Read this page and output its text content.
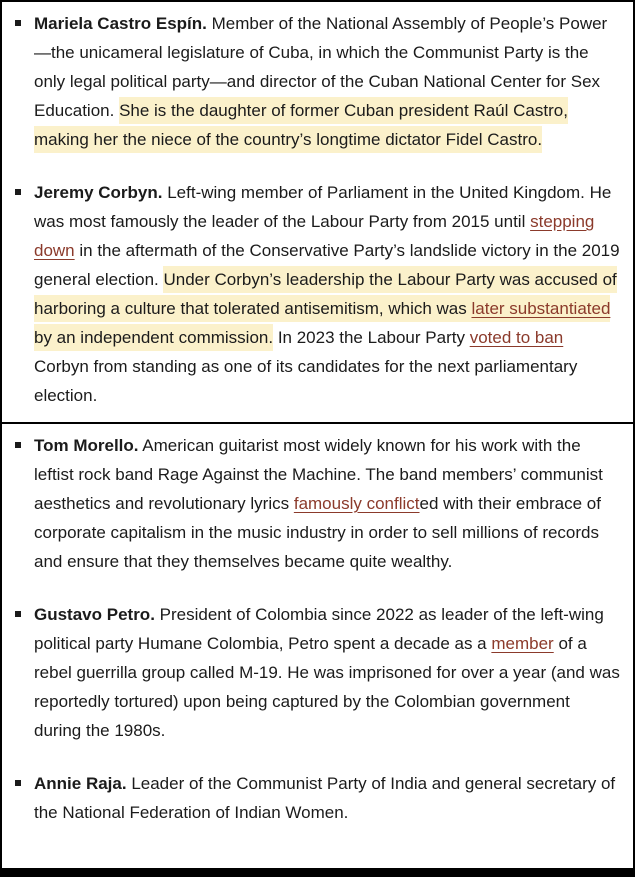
Mariela Castro Espín. Member of the National Assembly of People’s Power—the unicameral legislature of Cuba, in which the Communist Party is the only legal political party—and director of the Cuban National Center for Sex Education. She is the daughter of former Cuban president Raúl Castro, making her the niece of the country’s longtime dictator Fidel Castro.
Jeremy Corbyn. Left-wing member of Parliament in the United Kingdom. He was most famously the leader of the Labour Party from 2015 until stepping down in the aftermath of the Conservative Party’s landslide victory in the 2019 general election. Under Corbyn’s leadership the Labour Party was accused of harboring a culture that tolerated antisemitism, which was later substantiated by an independent commission. In 2023 the Labour Party voted to ban Corbyn from standing as one of its candidates for the next parliamentary election.
Tom Morello. American guitarist most widely known for his work with the leftist rock band Rage Against the Machine. The band members’ communist aesthetics and revolutionary lyrics famously conflicted with their embrace of corporate capitalism in the music industry in order to sell millions of records and ensure that they themselves became quite wealthy.
Gustavo Petro. President of Colombia since 2022 as leader of the left-wing political party Humane Colombia, Petro spent a decade as a member of a rebel guerrilla group called M-19. He was imprisoned for over a year (and was reportedly tortured) upon being captured by the Colombian government during the 1980s.
Annie Raja. Leader of the Communist Party of India and general secretary of the National Federation of Indian Women.
